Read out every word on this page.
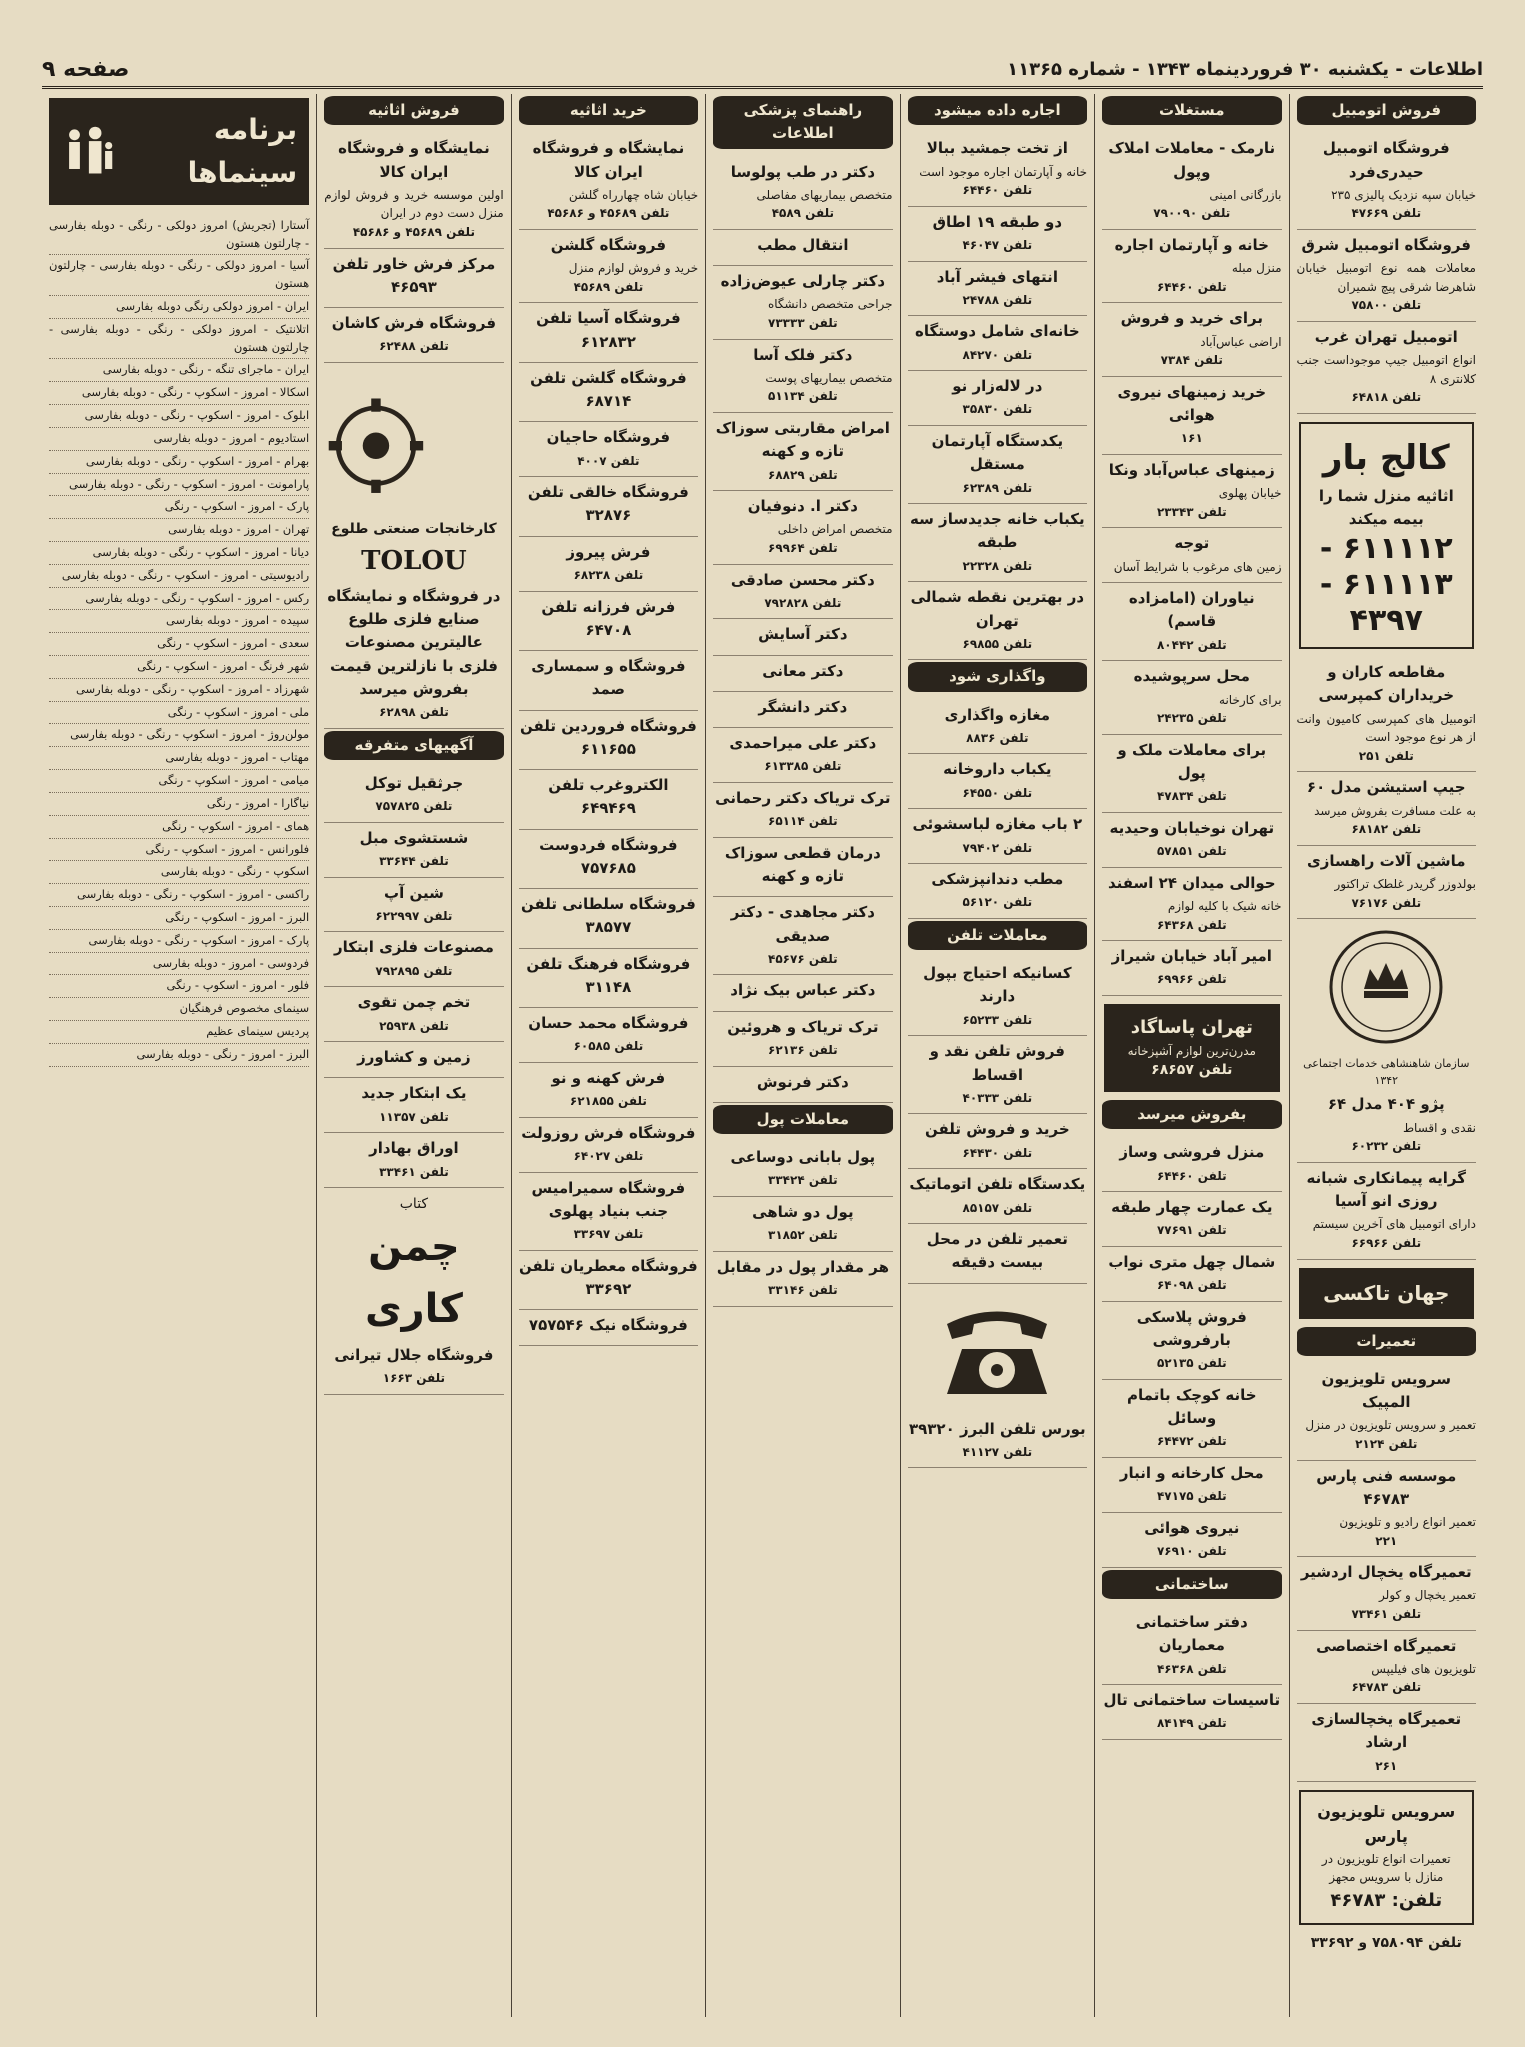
اطلاعات - یکشنبه ۳۰ فروردینماه ۱۳۴۳ - شماره ۱۱۳۶۵
صفحه ۹
فروش اتومبیل
فروشگاه اتومبیل حیدری‌فرد
خیابان سپه نزدیک پالیزی ۲۳۵
تلفن ۴۷۶۶۹
فروشگاه اتومبیل شرق
معاملات همه نوع اتومبیل خیابان شاهرضا شرقی پیچ شمیران
تلفن ۷۵۸۰۰
اتومبیل تهران غرب
انواع اتومبیل جیپ موجوداست جنب کلانتری ۸
تلفن ۶۴۸۱۸
کالج بار
اثاثیه منزل شما را بیمه میکند
۶۱۱۱۱۲ - ۶۱۱۱۱۳ - ۴۳۹۷
مقاطعه کاران و خریداران کمپرسی
اتومبیل های کمپرسی کامیون وانت از هر نوع موجود است
تلفن ۲۵۱
جیپ استیشن مدل ۶۰
به علت مسافرت بفروش میرسد
تلفن ۶۸۱۸۲
ماشین آلات راهسازی
بولدوزر گریدر غلطک تراکتور
تلفن ۷۶۱۷۶
سازمان شاهنشاهی خدمات اجتماعی ۱۳۴۲
پژو ۴۰۴ مدل ۶۴
نقدی و اقساط
تلفن ۶۰۲۳۲
گرایه پیمانکاری شبانه روزی انو آسیا
دارای اتومبیل های آخرین سیستم
تلفن ۶۶۹۶۶
جهان تاکسی
تعمیرات
سرویس تلویزیون المپیک
تعمیر و سرویس تلویزیون در منزل
تلفن ۲۱۲۴
موسسه فنی پارس ۴۶۷۸۳
تعمیر انواع رادیو و تلویزیون
۲۲۱
تعمیرگاه یخچال اردشیر
تعمیر یخچال و کولر
تلفن ۷۳۴۶۱
تعمیرگاه اختصاصی
تلویزیون های فیلیپس
تلفن ۶۴۷۸۳
تعمیرگاه یخچالسازی ارشاد
۲۶۱
سرویس تلویزیون پارس
تعمیرات انواع تلویزیون در منازل با سرویس مجهز
تلفن: ۴۶۷۸۳
تلفن ۷۵۸۰۹۴ و ۳۳۶۹۲
مستغلات
نارمک - معاملات املاک وپول
بازرگانی امینی
تلفن ۷۹۰۰۹۰
خانه و آپارتمان اجاره
منزل مبله
تلفن ۶۴۴۶۰
برای خرید و فروش
اراضی عباس‌آباد
تلفن ۷۳۸۴
خرید زمینهای نیروی هوائی
۱۶۱
زمینهای عباس‌آباد ونکا
خیابان پهلوی
تلفن ۲۳۳۴۳
توجه
زمین های مرغوب با شرایط آسان
نیاوران (امامزاده قاسم)
تلفن ۸۰۴۴۲
محل سرپوشیده
برای کارخانه
تلفن ۲۴۲۳۵
برای معاملات ملک و پول
تلفن ۴۷۸۳۴
تهران نوخیابان وحیدیه
تلفن ۵۷۸۵۱
حوالی میدان ۲۴ اسفند
خانه شیک با کلیه لوازم
تلفن ۶۴۳۶۸
امیر آباد خیابان شیراز
تلفن ۶۹۹۶۶
تهران پاساگاد
مدرن‌ترین لوازم آشپزخانه
تلفن ۶۸۶۵۷
بفروش میرسد
منزل فروشی وساز
تلفن ۶۴۴۶۰
یک عمارت چهار طبقه
تلفن ۷۷۶۹۱
شمال چهل متری نواب
تلفن ۶۴۰۹۸
فروش پلاسکی بارفروشی
تلفن ۵۲۱۳۵
خانه کوچک باتمام وسائل
تلفن ۶۴۴۷۲
محل کارخانه و انبار
تلفن ۴۷۱۷۵
نیروی هوائی
تلفن ۷۶۹۱۰
ساختمانی
دفتر ساختمانی معماریان
تلفن ۴۶۳۶۸
تاسیسات ساختمانی تال
تلفن ۸۴۱۴۹
اجاره داده میشود
از تخت جمشید ببالا
خانه و آپارتمان اجاره موجود است
تلفن ۶۴۴۶۰
دو طبقه ۱۹ اطاق
تلفن ۴۶۰۴۷
انتهای فیشر آباد
تلفن ۲۴۷۸۸
خانه‌ای شامل دوستگاه
تلفن ۸۴۲۷۰
در لاله‌زار نو
تلفن ۳۵۸۳۰
یکدستگاه آپارتمان مستقل
تلفن ۶۲۳۸۹
یکباب خانه جدیدساز سه طبقه
تلفن ۲۲۳۲۸
در بهترین نقطه شمالی تهران
تلفن ۶۹۸۵۵
واگذاری شود
مغازه واگذاری
تلفن ۸۸۳۶
یکباب داروخانه
تلفن ۶۴۵۵۰
۲ باب مغازه لباسشوئی
تلفن ۷۹۴۰۲
مطب دندانپزشکی
تلفن ۵۶۱۲۰
معاملات تلفن
کسانیکه احتیاج بپول دارند
تلفن ۶۵۲۳۳
فروش تلفن نقد و اقساط
تلفن ۴۰۳۳۳
خرید و فروش تلفن
تلفن ۶۴۴۳۰
یکدستگاه تلفن اتوماتیک
تلفن ۸۵۱۵۷
تعمیر تلفن در محل بیست دقیقه
بورس تلفن البرز ۳۹۳۲۰
تلفن ۴۱۱۲۷
راهنمای پزشکی اطلاعات
دکتر در طب پولوسا
متخصص بیماریهای مفاصلی
تلفن ۴۵۸۹
انتقال مطب
دکتر چارلی عیوض‌زاده
جراحی متخصص دانشگاه
تلفن ۷۳۳۳۳
دکتر فلک آسا
متخصص بیماریهای پوست
تلفن ۵۱۱۳۴
امراض مقاربتی سوزاک تازه و کهنه
تلفن ۶۸۸۲۹
دکتر ا. دنوفیان
متخصص امراض داخلی
تلفن ۶۹۹۶۴
دکتر محسن صادقی
تلفن ۷۹۲۸۲۸
دکتر آسایش
دکتر معانی
دکتر دانشگر
دکتر علی میراحمدی
تلفن ۶۱۳۳۸۵
ترک تریاک دکتر رحمانی
تلفن ۶۵۱۱۴
درمان قطعی سوزاک تازه و کهنه
دکتر مجاهدی - دکتر صدیقی
تلفن ۴۵۶۷۶
دکتر عباس بیک نژاد
ترک تریاک و هروئین
تلفن ۶۲۱۳۶
دکتر فرنوش
معاملات پول
پول بابانی دوساعی
تلفن ۳۳۴۲۴
پول دو شاهی
تلفن ۳۱۸۵۲
هر مقدار پول در مقابل
تلفن ۳۳۱۴۶
خرید اثاثیه
نمایشگاه و فروشگاه ایران کالا
خیابان شاه چهارراه گلشن
تلفن ۴۵۶۸۹ و ۴۵۶۸۶
فروشگاه گلشن
خرید و فروش لوازم منزل
تلفن ۴۵۶۸۹
فروشگاه آسیا تلفن ۶۱۲۸۳۲
فروشگاه گلشن تلفن ۶۸۷۱۴
فروشگاه حاجیان
تلفن ۴۰۰۷
فروشگاه خالقی تلفن ۳۲۸۷۶
فرش پیروز
تلفن ۶۸۲۳۸
فرش فرزانه تلفن ۶۴۷۰۸
فروشگاه و سمساری صمد
فروشگاه فروردین تلفن ۶۱۱۶۵۵
الکتروغرب تلفن ۶۴۹۴۶۹
فروشگاه فردوست ۷۵۷۶۸۵
فروشگاه سلطانی تلفن ۳۸۵۷۷
فروشگاه فرهنگ تلفن ۳۱۱۴۸
فروشگاه محمد حسان
تلفن ۶۰۵۸۵
فرش کهنه و نو
تلفن ۶۲۱۸۵۵
فروشگاه فرش روزولت
تلفن ۶۴۰۲۷
فروشگاه سمیرامیس جنب بنیاد پهلوی
تلفن ۳۳۶۹۷
فروشگاه معطریان تلفن ۳۳۶۹۲
فروشگاه نیک ۷۵۷۵۴۶
فروش اثاثیه
نمایشگاه و فروشگاه ایران کالا
اولین موسسه خرید و فروش لوازم منزل دست دوم در ایران
تلفن ۴۵۶۸۹ و ۴۵۶۸۶
مرکز فرش خاور تلفن ۴۶۵۹۳
فروشگاه فرش کاشان
تلفن ۶۲۴۸۸
کارخانجات صنعتی طلوع
TOLOU
در فروشگاه و نمایشگاه صنایع فلزی طلوع عالیترین مصنوعات فلزی با نازلترین قیمت بفروش میرسد
تلفن ۶۲۸۹۸
آگهیهای متفرقه
جرثقیل توکل
تلفن ۷۵۷۸۲۵
شستشوی مبل
تلفن ۳۳۶۴۴
شین آپ
تلفن ۶۲۲۹۹۷
مصنوعات فلزی ابتکار
تلفن ۷۹۲۸۹۵
تخم چمن تقوی
تلفن ۲۵۹۳۸
زمین و کشاورز
یک ابتکار جدید
تلفن ۱۱۳۵۷
اوراق بهادار
تلفن ۳۳۴۶۱
کتاب
چمن کاری
فروشگاه جلال تیرانی
تلفن ۱۶۶۳
برنامه سینماها
آستارا (تجریش) امروز دولکی - رنگی - دوبله بفارسی - چارلتون هستون
آسیا - امروز دولکی - رنگی - دوبله بفارسی - چارلتون هستون
ایران - امروز دولکی رنگی دوبله بفارسی
اتلانتیک - امروز دولکی - رنگی - دوبله بفارسی - چارلتون هستون
ایران - ماجرای تنگه - رنگی - دوبله بفارسی
اسکالا - امروز - اسکوپ - رنگی - دوبله بفارسی
ابلوک - امروز - اسکوپ - رنگی - دوبله بفارسی
استادیوم - امروز - دوبله بفارسی
بهرام - امروز - اسکوپ - رنگی - دوبله بفارسی
پارامونت - امروز - اسکوپ - رنگی - دوبله بفارسی
پارک - امروز - اسکوپ - رنگی
تهران - امروز - دوبله بفارسی
دیانا - امروز - اسکوپ - رنگی - دوبله بفارسی
رادیوسیتی - امروز - اسکوپ - رنگی - دوبله بفارسی
رکس - امروز - اسکوپ - رنگی - دوبله بفارسی
سپیده - امروز - دوبله بفارسی
سعدی - امروز - اسکوپ - رنگی
شهر فرنگ - امروز - اسکوپ - رنگی
شهرزاد - امروز - اسکوپ - رنگی - دوبله بفارسی
ملی - امروز - اسکوپ - رنگی
مولن‌روژ - امروز - اسکوپ - رنگی - دوبله بفارسی
مهتاب - امروز - دوبله بفارسی
میامی - امروز - اسکوپ - رنگی
نیاگارا - امروز - رنگی
همای - امروز - اسکوپ - رنگی
فلورانس - امروز - اسکوپ - رنگی
اسکوپ - رنگی - دوبله بفارسی
راکسی - امروز - اسکوپ - رنگی - دوبله بفارسی
البرز - امروز - اسکوپ - رنگی
پارک - امروز - اسکوپ - رنگی - دوبله بفارسی
فردوسی - امروز - دوبله بفارسی
فلور - امروز - اسکوپ - رنگی
سینمای مخصوص فرهنگیان
پردیس سینمای عظیم
البرز - امروز - رنگی - دوبله بفارسی
